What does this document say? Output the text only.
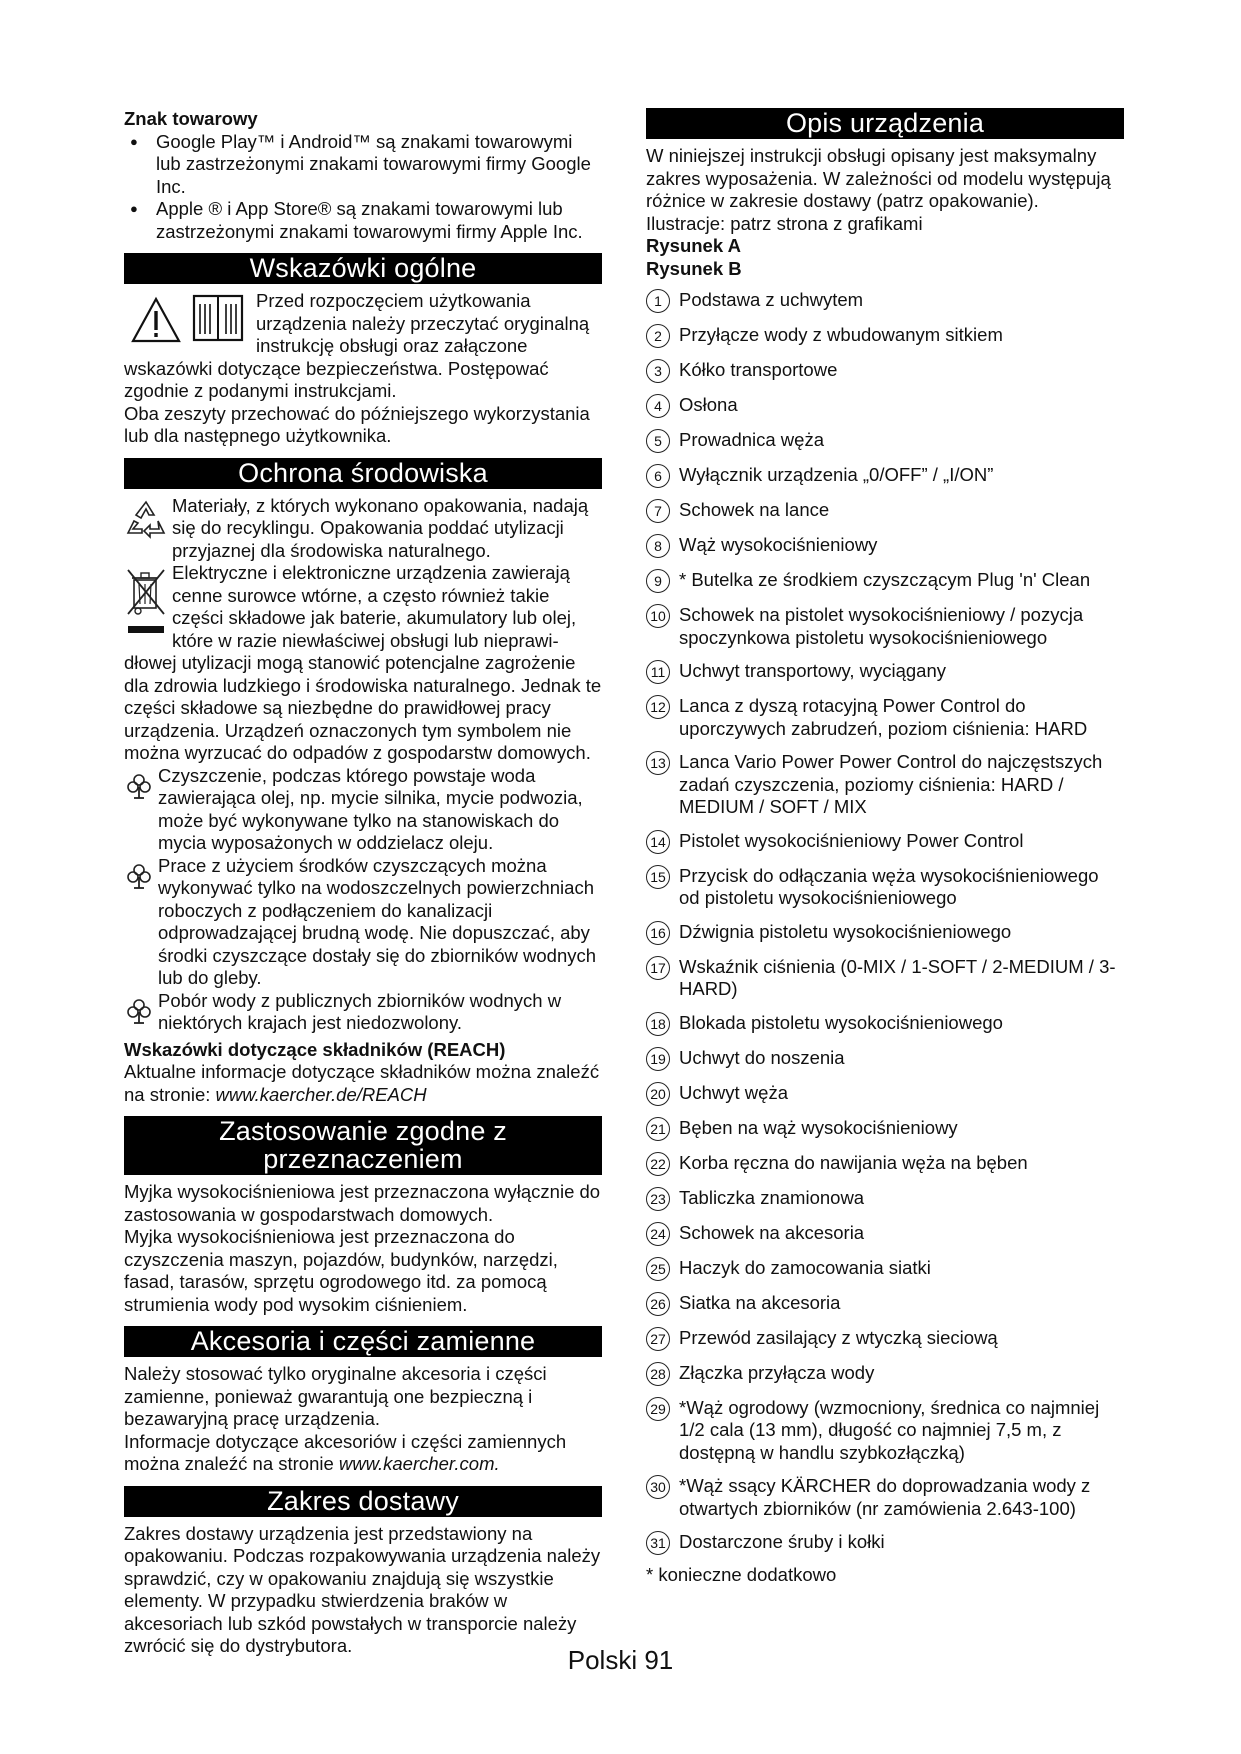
Znak towarowy

● Google Play™ i Android™ są znakami towarowymi lub zastrzeżonymi znakami towarowymi firmy Google Inc.

● Apple ® i App Store® są znakami towarowymi lub zastrzeżonymi znakami towarowymi firmy Apple Inc.

Wskazówki ogólne

Przed rozpoczęciem użytkowania urządzenia należy przeczytać oryginalną instrukcję obsługi oraz załączone

wskazówki dotyczące bezpieczeństwa. Postępować zgodnie z podanymi instrukcjami.

Oba zeszyty przechować do późniejszego wykorzystania lub dla następnego użytkownika.

Ochrona środowiska

Materiały, z których wykonano opakowania, nadają się do recyklingu. Opakowania poddać utylizacji przyjaznej dla środowiska naturalnego.

Elektryczne i elektroniczne urządzenia zawierają cenne surowce wtórne, a często również takie części składowe jak baterie, akumulatory lub olej, które w razie niewłaściwej obsługi lub nieprawi-

dłowej utylizacji mogą stanowić potencjalne zagrożenie dla zdrowia ludzkiego i środowiska naturalnego. Jednak te części składowe są niezbędne do prawidłowej pracy urządzenia. Urządzeń oznaczonych tym symbolem nie można wyrzucać do odpadów z gospodarstw domowych.

Czyszczenie, podczas którego powstaje woda zawierająca olej, np. mycie silnika, mycie podwozia, może być wykonywane tylko na stanowiskach do mycia wyposażonych w oddzielacz oleju.

Prace z użyciem środków czyszczących można wykonywać tylko na wodoszczelnych powierzchniach roboczych z podłączeniem do kanalizacji odprowadzającej brudną wodę. Nie dopuszczać, aby środki czyszczące dostały się do zbiorników wodnych lub do gleby.

Pobór wody z publicznych zbiorników wodnych w niektórych krajach jest niedozwolony.

Wskazówki dotyczące składników (REACH)

Aktualne informacje dotyczące składników można znaleźć na stronie: www.kaercher.de/REACH

Zastosowanie zgodne z
przeznaczeniem

Myjka wysokociśnieniowa jest przeznaczona wyłącznie do zastosowania w gospodarstwach domowych.

Myjka wysokociśnieniowa jest przeznaczona do czyszczenia maszyn, pojazdów, budynków, narzędzi, fasad, tarasów, sprzętu ogrodowego itd. za pomocą strumienia wody pod wysokim ciśnieniem.

Akcesoria i części zamienne

Należy stosować tylko oryginalne akcesoria i części zamienne, ponieważ gwarantują one bezpieczną i bezawaryjną pracę urządzenia.

Informacje dotyczące akcesoriów i części zamiennych można znaleźć na stronie www.kaercher.com.

Zakres dostawy

Zakres dostawy urządzenia jest przedstawiony na opakowaniu. Podczas rozpakowywania urządzenia należy sprawdzić, czy w opakowaniu znajdują się wszystkie elementy. W przypadku stwierdzenia braków w akcesoriach lub szkód powstałych w transporcie należy zwrócić się do dystrybutora.

Opis urządzenia

W niniejszej instrukcji obsługi opisany jest maksymalny zakres wyposażenia. W zależności od modelu występują różnice w zakresie dostawy (patrz opakowanie).

Ilustracje: patrz strona z grafikami

Rysunek A

Rysunek B

1 Podstawa z uchwytem
2 Przyłącze wody z wbudowanym sitkiem
3 Kółko transportowe
4 Osłona
5 Prowadnica węża
6 Wyłącznik urządzenia „0/OFF” / „I/ON”
7 Schowek na lance
8 Wąż wysokociśnieniowy
9 * Butelka ze środkiem czyszczącym Plug 'n' Clean
10 Schowek na pistolet wysokociśnieniowy / pozycja spoczynkowa pistoletu wysokociśnieniowego
11 Uchwyt transportowy, wyciągany
12 Lanca z dyszą rotacyjną Power Control do uporczywych zabrudzeń, poziom ciśnienia: HARD
13 Lanca Vario Power Power Control do najczęstszych zadań czyszczenia, poziomy ciśnienia: HARD / MEDIUM / SOFT / MIX
14 Pistolet wysokociśnieniowy Power Control
15 Przycisk do odłączania węża wysokociśnieniowego od pistoletu wysokociśnieniowego
16 Dźwignia pistoletu wysokociśnieniowego
17 Wskaźnik ciśnienia (0-MIX / 1-SOFT / 2-MEDIUM / 3-HARD)
18 Blokada pistoletu wysokociśnieniowego
19 Uchwyt do noszenia
20 Uchwyt węża
21 Bęben na wąż wysokociśnieniowy
22 Korba ręczna do nawijania węża na bęben
23 Tabliczka znamionowa
24 Schowek na akcesoria
25 Haczyk do zamocowania siatki
26 Siatka na akcesoria
27 Przewód zasilający z wtyczką sieciową
28 Złączka przyłącza wody
29 *Wąż ogrodowy (wzmocniony, średnica co najmniej 1/2 cala (13 mm), długość co najmniej 7,5 m, z dostępną w handlu szybkozłączką)
30 *Wąż ssący KÄRCHER do doprowadzania wody z otwartych zbiorników (nr zamówienia 2.643-100)
31 Dostarczone śruby i kołki

* konieczne dodatkowo

Polski 91
